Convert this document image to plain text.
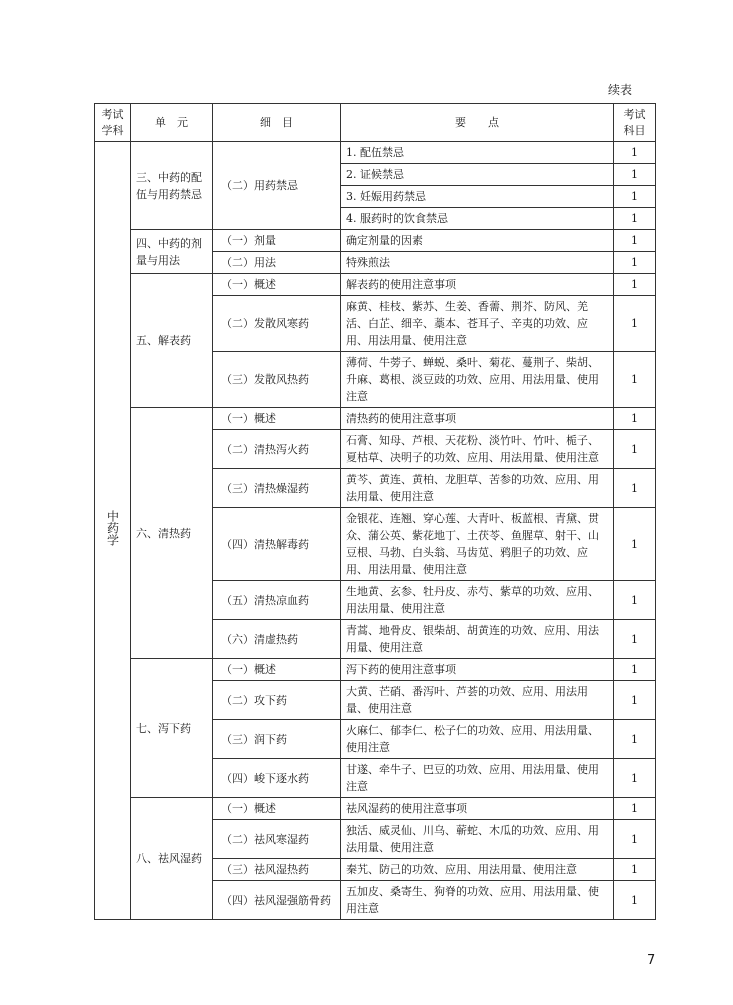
续表
考试学科	单　元	细　目	要　　点	考试科目
中药学	三、中药的配伍与用药禁忌	（二）用药禁忌	1. 配伍禁忌	1
			2. 证候禁忌	1
			3. 妊娠用药禁忌	1
			4. 服药时的饮食禁忌	1
	四、中药的剂量与用法	（一）剂量	确定剂量的因素	1
		（二）用法	特殊煎法	1
	五、解表药	（一）概述	解表药的使用注意事项	1
		（二）发散风寒药	麻黄、桂枝、紫苏、生姜、香薷、荆芥、防风、羌活、白芷、细辛、藁本、苍耳子、辛夷的功效、应用、用法用量、使用注意	1
		（三）发散风热药	薄荷、牛蒡子、蝉蜕、桑叶、菊花、蔓荆子、柴胡、升麻、葛根、淡豆豉的功效、应用、用法用量、使用注意	1
	六、清热药	（一）概述	清热药的使用注意事项	1
		（二）清热泻火药	石膏、知母、芦根、天花粉、淡竹叶、竹叶、栀子、夏枯草、决明子的功效、应用、用法用量、使用注意	1
		（三）清热燥湿药	黄芩、黄连、黄柏、龙胆草、苦参的功效、应用、用法用量、使用注意	1
		（四）清热解毒药	金银花、连翘、穿心莲、大青叶、板蓝根、青黛、贯众、蒲公英、紫花地丁、土茯苓、鱼腥草、射干、山豆根、马勃、白头翁、马齿苋、鸦胆子的功效、应用、用法用量、使用注意	1
		（五）清热凉血药	生地黄、玄参、牡丹皮、赤芍、紫草的功效、应用、用法用量、使用注意	1
		（六）清虚热药	青蒿、地骨皮、银柴胡、胡黄连的功效、应用、用法用量、使用注意	1
	七、泻下药	（一）概述	泻下药的使用注意事项	1
		（二）攻下药	大黄、芒硝、番泻叶、芦荟的功效、应用、用法用量、使用注意	1
		（三）润下药	火麻仁、郁李仁、松子仁的功效、应用、用法用量、使用注意	1
		（四）峻下逐水药	甘遂、牵牛子、巴豆的功效、应用、用法用量、使用注意	1
	八、祛风湿药	（一）概述	祛风湿药的使用注意事项	1
		（二）祛风寒湿药	独活、威灵仙、川乌、蕲蛇、木瓜的功效、应用、用法用量、使用注意	1
		（三）祛风湿热药	秦艽、防己的功效、应用、用法用量、使用注意	1
		（四）祛风湿强筋骨药	五加皮、桑寄生、狗脊的功效、应用、用法用量、使用注意	1
7
